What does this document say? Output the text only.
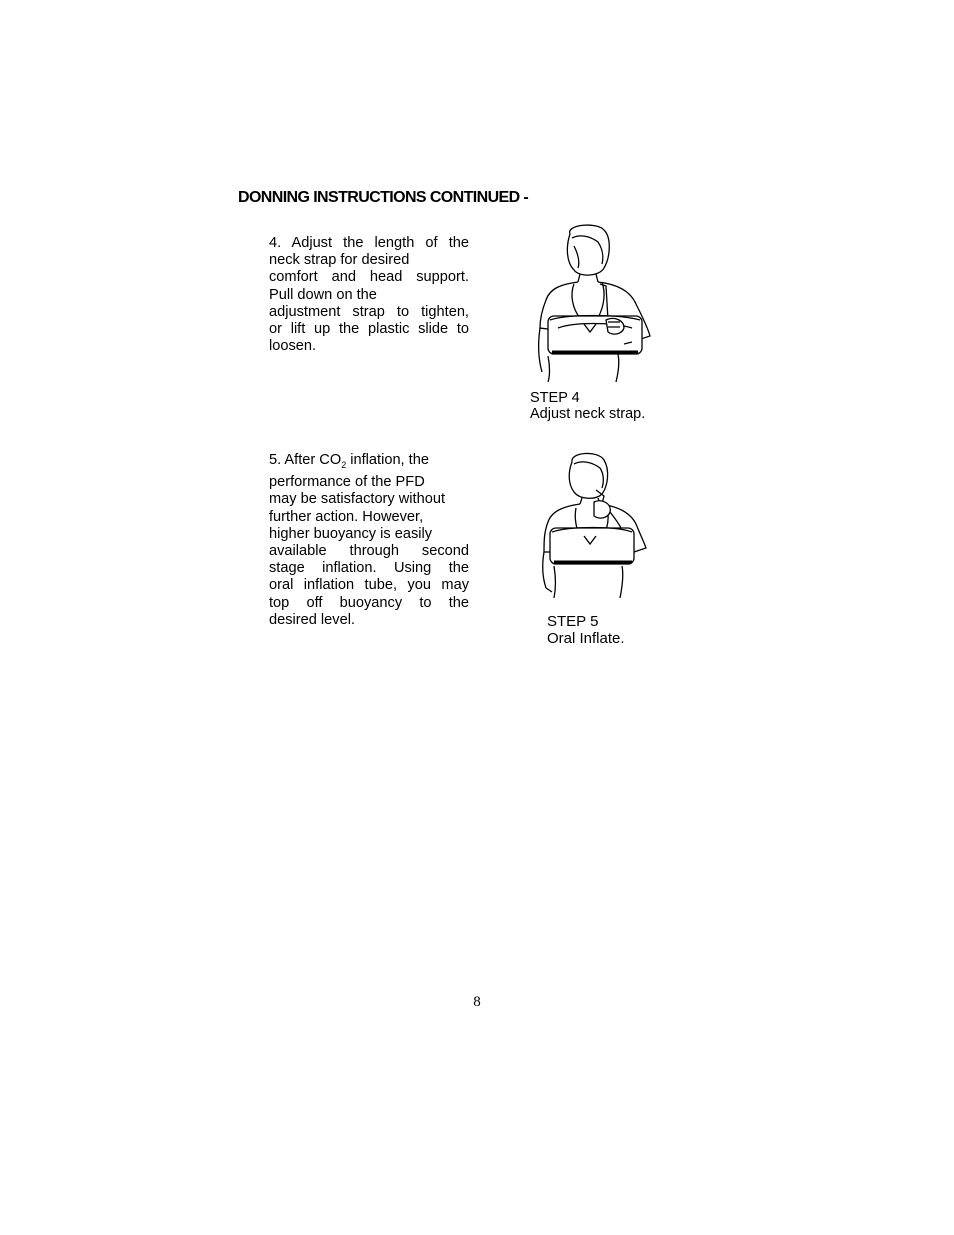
DONNING INSTRUCTIONS CONTINUED -
4. Adjust the length of the
neck strap for desired
comfort and head support.
Pull down on the
adjustment strap to tighten,
or lift up the plastic slide to
loosen.
STEP 4
Adjust neck strap.
5. After $CO_2$ inflation, the
performance of the PFD
may be satisfactory without
further action. However,
higher buoyancy is easily
available through second
stage inflation. Using the
oral inflation tube, you may
top off buoyancy to the
desired level.	STEP 5
Oral Inflate.
8
